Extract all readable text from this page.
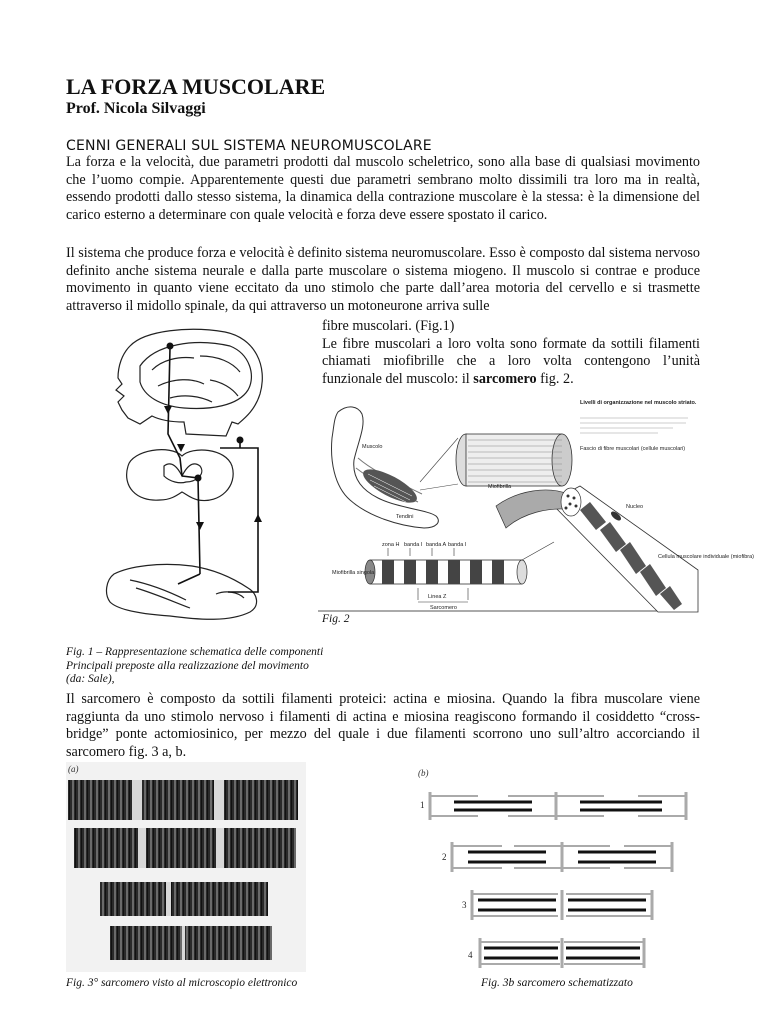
LA FORZA MUSCOLARE
Prof. Nicola Silvaggi
CENNI GENERALI SUL SISTEMA NEUROMUSCOLARE
La forza e la velocità, due parametri prodotti dal muscolo scheletrico, sono alla base di qualsiasi movimento che l’uomo compie. Apparentemente questi due parametri sembrano molto dissimili tra loro ma in realtà, essendo prodotti dallo stesso sistema, la dinamica della contrazione muscolare è la stessa: è la dimensione del carico esterno a determinare con quale velocità e forza deve essere spostato il carico.
Il sistema che produce forza e velocità è definito sistema neuromuscolare. Esso è composto dal sistema nervoso definito anche sistema neurale e dalla parte muscolare o sistema miogeno. Il muscolo si contrae e produce movimento in quanto viene eccitato da uno stimolo che parte dall’area motoria del cervello e si trasmette attraverso il midollo spinale, da qui attraverso un motoneurone arriva sulle
fibre muscolari. (Fig.1)
Le fibre muscolari a loro volta sono formate da sottili filamenti chiamati miofibrille che a loro volta contengono l’unità funzionale del muscolo: il sarcomero fig. 2.
Il sarcomero è composto da sottili filamenti proteici: actina e miosina. Quando la fibra muscolare viene raggiunta da uno stimolo nervoso i filamenti di actina e miosina reagiscono formando il cosiddetto “cross-bridge” ponte actomiosinico, per mezzo del quale i due filamenti scorrono uno sull’altro accorciando il sarcomero fig. 3 a, b.
Livelli di organizzazione nel muscolo striato.
Muscolo
Tendini
Fascio di fibre muscolari (cellule muscolari)
Miofibrilla
Nucleo
Cellula muscolare individuale (miofibra)
Miofibrilla singola
zona H banda I banda A banda I
Linea Z
Sarcomero
(a)	(b)
1
2
3
4
Fig. 1 – Rappresentazione schematica delle componenti
Principali preposte alla realizzazione del movimento
(da: Sale),
Fig. 2
Fig. 3° sarcomero visto al microscopio elettronico	Fig. 3b sarcomero schematizzato
